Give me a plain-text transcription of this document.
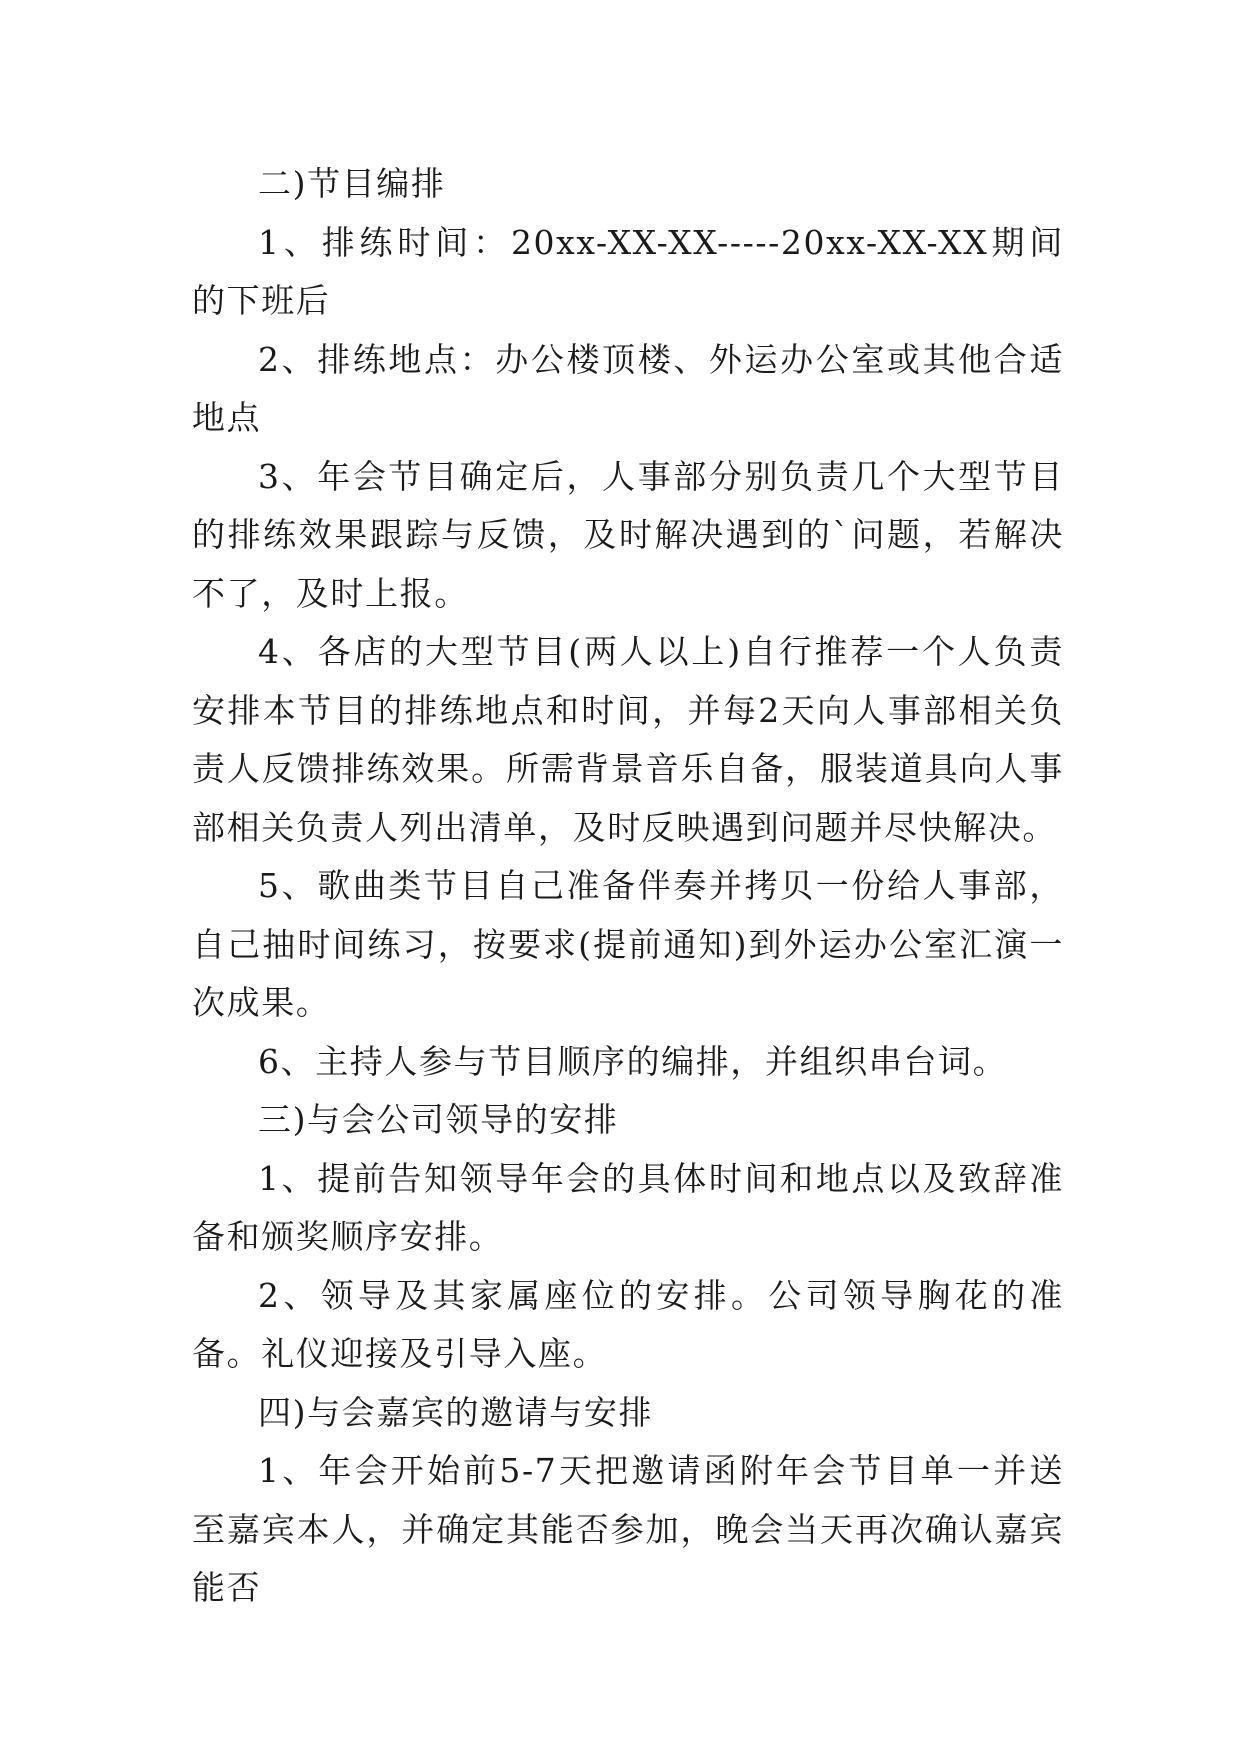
二)节目编排

1、排练时间：20xx-XX-XX-----20xx-XX-XX期间的下班后

2、排练地点：办公楼顶楼、外运办公室或其他合适地点

3、年会节目确定后，人事部分别负责几个大型节目的排练效果跟踪与反馈，及时解决遇到的`问题，若解决不了，及时上报。

4、各店的大型节目(两人以上)自行推荐一个人负责安排本节目的排练地点和时间，并每2天向人事部相关负责人反馈排练效果。所需背景音乐自备，服装道具向人事部相关负责人列出清单，及时反映遇到问题并尽快解决。

5、歌曲类节目自己准备伴奏并拷贝一份给人事部，自己抽时间练习，按要求(提前通知)到外运办公室汇演一次成果。

6、主持人参与节目顺序的编排，并组织串台词。

三)与会公司领导的安排

1、提前告知领导年会的具体时间和地点以及致辞准备和颁奖顺序安排。

2、领导及其家属座位的安排。公司领导胸花的准备。礼仪迎接及引导入座。

四)与会嘉宾的邀请与安排

1、年会开始前5-7天把邀请函附年会节目单一并送至嘉宾本人，并确定其能否参加，晚会当天再次确认嘉宾能否
